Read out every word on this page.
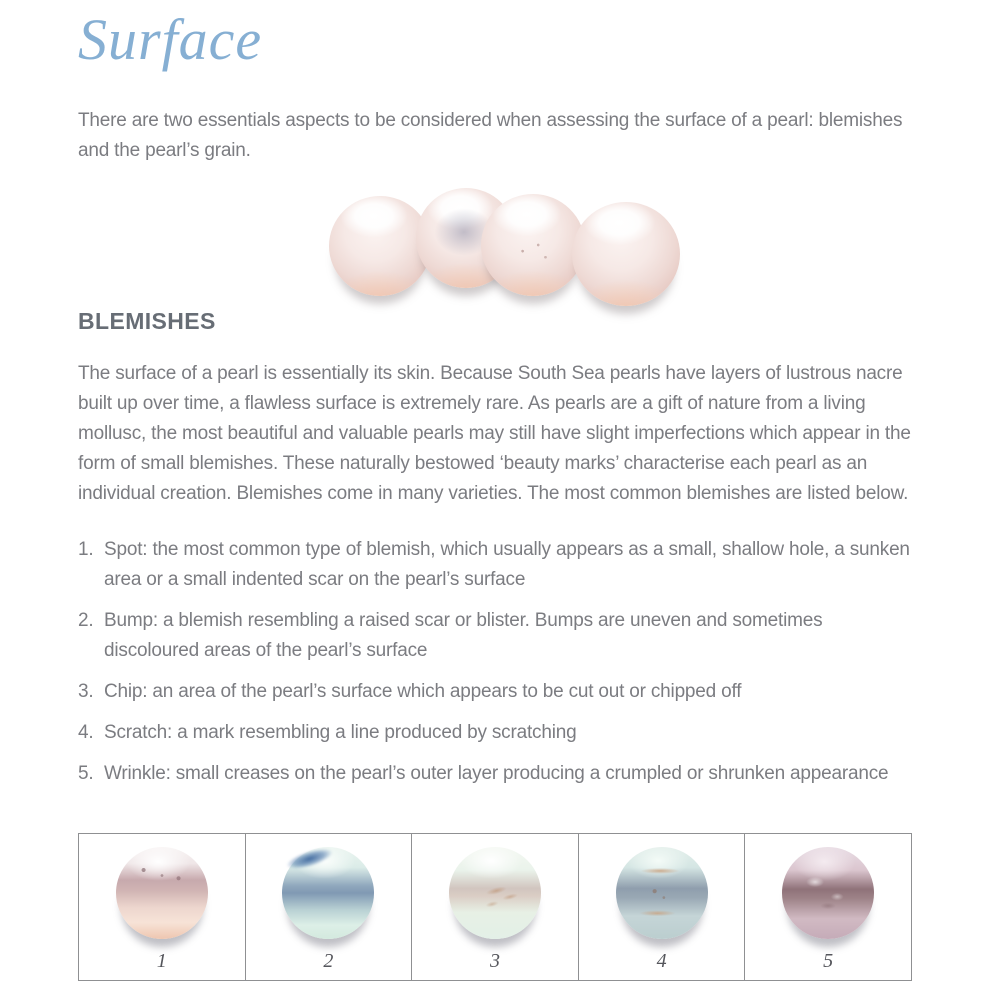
Surface

There are two essentials aspects to be considered when assessing the surface of a pearl: blemishes and the pearl’s grain.

BLEMISHES

The surface of a pearl is essentially its skin. Because South Sea pearls have layers of lustrous nacre built up over time, a flawless surface is extremely rare. As pearls are a gift of nature from a living mollusc, the most beautiful and valuable pearls may still have slight imperfections which appear in the form of small blemishes. These naturally bestowed ‘beauty marks’ characterise each pearl as an individual creation. Blemishes come in many varieties. The most common blemishes are listed below.

1. Spot: the most common type of blemish, which usually appears as a small, shallow hole, a sunken area or a small indented scar on the pearl’s surface
2. Bump: a blemish resembling a raised scar or blister. Bumps are uneven and sometimes discoloured areas of the pearl’s surface
3. Chip: an area of the pearl’s surface which appears to be cut out or chipped off
4. Scratch: a mark resembling a line produced by scratching
5. Wrinkle: small creases on the pearl’s outer layer producing a crumpled or shrunken appearance
1	2	3	4	5
